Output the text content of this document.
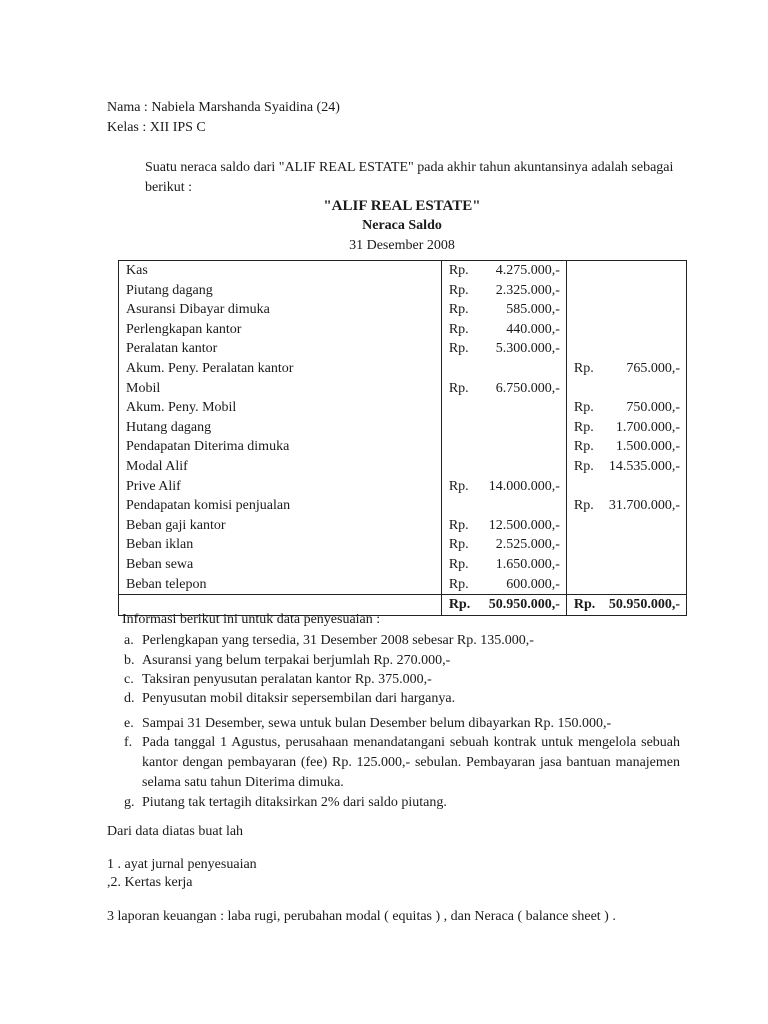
Nama : Nabiela Marshanda Syaidina (24)
Kelas : XII IPS C
Suatu neraca saldo dari "ALIF REAL ESTATE" pada akhir tahun akuntansinya adalah sebagai berikut :
"ALIF REAL ESTATE"
Neraca Saldo
31 Desember 2008
Kas	Rp.	4.275.000,-		
Piutang dagang	Rp.	2.325.000,-		
Asuransi Dibayar dimuka	Rp.	585.000,-		
Perlengkapan kantor	Rp.	440.000,-		
Peralatan kantor	Rp.	5.300.000,-		
Akum. Peny. Peralatan kantor			Rp.	765.000,-
Mobil	Rp.	6.750.000,-		
Akum. Peny. Mobil			Rp.	750.000,-
Hutang dagang			Rp.	1.700.000,-
Pendapatan Diterima dimuka			Rp.	1.500.000,-
Modal Alif			Rp.	14.535.000,-
Prive Alif	Rp.	14.000.000,-		
Pendapatan komisi penjualan			Rp.	31.700.000,-
Beban gaji kantor	Rp.	12.500.000,-		
Beban iklan	Rp.	2.525.000,-		
Beban sewa	Rp.	1.650.000,-		
Beban telepon	Rp.	600.000,-		
	Rp.	50.950.000,-	Rp.	50.950.000,-
Informasi berikut ini untuk data penyesuaian :
a. Perlengkapan yang tersedia, 31 Desember 2008 sebesar Rp. 135.000,-
b. Asuransi yang belum terpakai berjumlah Rp. 270.000,-
c. Taksiran penyusutan peralatan kantor Rp. 375.000,-
d. Penyusutan mobil ditaksir sepersembilan dari harganya.
e. Sampai 31 Desember, sewa untuk bulan Desember belum dibayarkan Rp. 150.000,-
f. Pada tanggal 1 Agustus, perusahaan menandatangani sebuah kontrak untuk mengelola sebuah kantor dengan pembayaran (fee) Rp. 125.000,- sebulan. Pembayaran jasa bantuan manajemen selama satu tahun Diterima dimuka.
g. Piutang tak tertagih ditaksirkan 2% dari saldo piutang.
Dari data diatas buat lah
1 . ayat jurnal penyesuaian
,2. Kertas kerja
3 laporan keuangan : laba rugi, perubahan modal ( equitas ) , dan Neraca ( balance sheet ) .
